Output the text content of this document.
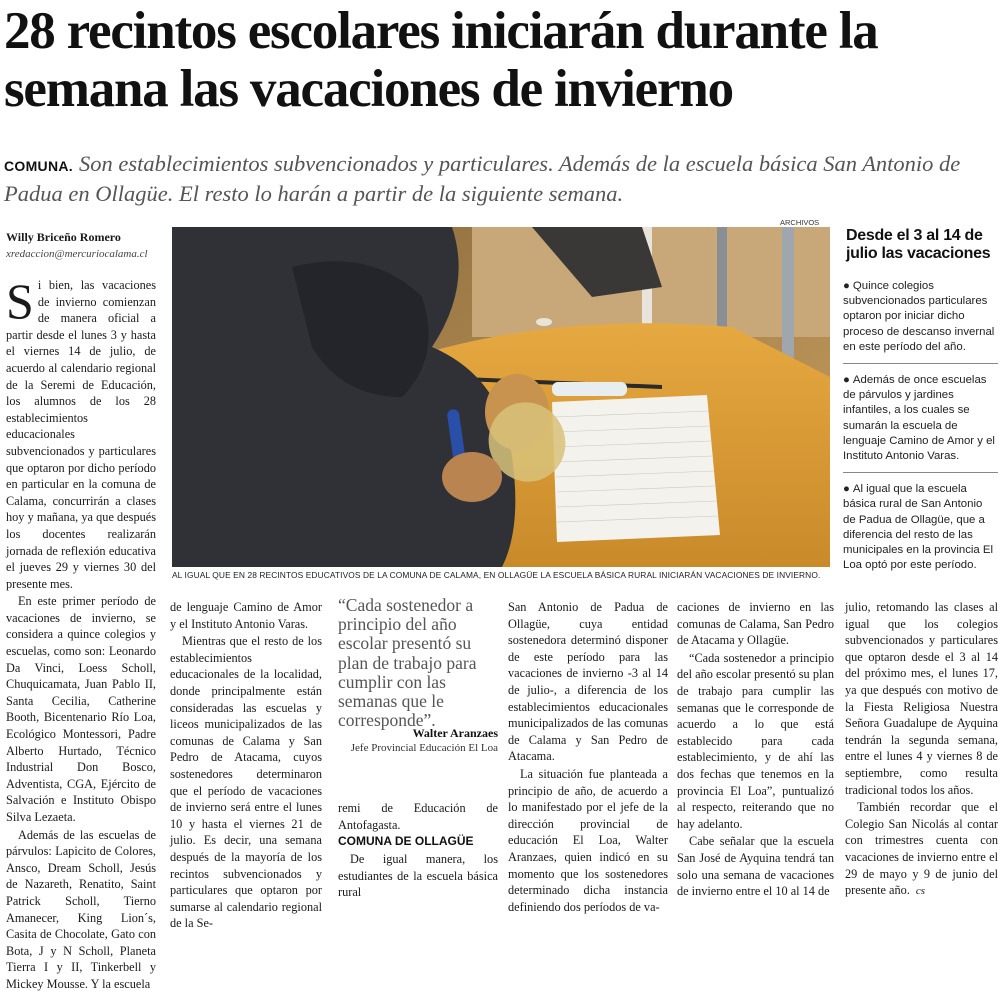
28 recintos escolares iniciarán durante la semana las vacaciones de invierno
COMUNA. Son establecimientos subvencionados y particulares. Además de la escuela básica San Antonio de Padua en Ollagüe. El resto lo harán a partir de la siguiente semana.
Willy Briceño Romero
xredaccion@mercuriocalama.cl

Si bien, las vacaciones de invierno comienzan de manera oficial a partir desde el lunes 3 y hasta el viernes 14 de julio, de acuerdo al calendario regional de la Seremi de Educación, los alumnos de los 28 establecimientos educacionales subvencionados y particulares que optaron por dicho período en particular en la comuna de Calama, concurrirán a clases hoy y mañana, ya que después los docentes realizarán jornada de reflexión educativa el jueves 29 y viernes 30 del presente mes.

En este primer período de vacaciones de invierno, se considera a quince colegios y escuelas, como son: Leonardo Da Vinci, Loess Scholl, Chuquicamata, Juan Pablo II, Santa Cecilia, Catherine Booth, Bicentenario Río Loa, Ecológico Montessori, Padre Alberto Hurtado, Técnico Industrial Don Bosco, Adventista, CGA, Ejército de Salvación e Instituto Obispo Silva Lezaeta.

Además de las escuelas de párvulos: Lapicito de Colores, Ansco, Dream Scholl, Jesús de Nazareth, Renatito, Saint Patrick Scholl, Tierno Amanecer, King Lion´s, Casita de Chocolate, Gato con Bota, J y N Scholl, Planeta Tierra I y II, Tinkerbell y Mickey Mousse. Y la escuela

ARCHIVOS
AL IGUAL QUE EN 28 RECINTOS EDUCATIVOS DE LA COMUNA DE CALAMA, EN OLLAGÜE LA ESCUELA BÁSICA RURAL INICIARÁN VACACIONES DE INVIERNO.
Desde el 3 al 14 de julio las vacaciones
● Quince colegios subvencionados particulares optaron por iniciar dicho proceso de descanso invernal en este período del año.
● Además de once escuelas de párvulos y jardines infantiles, a los cuales se sumarán la escuela de lenguaje Camino de Amor y el Instituto Antonio Varas.
● Al igual que la escuela básica rural de San Antonio de Padua de Ollagüe, que a diferencia del resto de las municipales en la provincia El Loa optó por este período.

de lenguaje Camino de Amor y el Instituto Antonio Varas.

Mientras que el resto de los establecimientos educacionales de la localidad, donde principalmente están consideradas las escuelas y liceos municipalizados de las comunas de Calama y San Pedro de Atacama, cuyos sostenedores determinaron que el período de vacaciones de invierno será entre el lunes 10 y hasta el viernes 21 de julio. Es decir, una semana después de la mayoría de los recintos subvencionados y particulares que optaron por sumarse al calendario regional de la Se-

“Cada sostenedor a principio del año escolar presentó su plan de trabajo para cumplir con las semanas que le corresponde”.
Walter Aranzaes
Jefe Provincial Educación El Loa

remi de Educación de Antofagasta.

COMUNA DE OLLAGÜE

De igual manera, los estudiantes de la escuela básica rural

San Antonio de Padua de Ollagüe, cuya entidad sostenedora determinó disponer de este período para las vacaciones de invierno -3 al 14 de julio-, a diferencia de los establecimientos educacionales municipalizados de las comunas de Calama y San Pedro de Atacama.

La situación fue planteada a principio de año, de acuerdo a lo manifestado por el jefe de la dirección provincial de educación El Loa, Walter Aranzaes, quien indicó en su momento que los sostenedores determinado dicha instancia definiendo dos períodos de va-

caciones de invierno en las comunas de Calama, San Pedro de Atacama y Ollagüe.

“Cada sostenedor a principio del año escolar presentó su plan de trabajo para cumplir las semanas que le corresponde de acuerdo a lo que está establecido para cada establecimiento, y de ahí las dos fechas que tenemos en la provincia El Loa”, puntualizó al respecto, reiterando que no hay adelanto.

Cabe señalar que la escuela San José de Ayquina tendrá tan solo una semana de vacaciones de invierno entre el 10 al 14 de

julio, retomando las clases al igual que los colegios subvencionados y particulares que optaron desde el 3 al 14 del próximo mes, el lunes 17, ya que después con motivo de la Fiesta Religiosa Nuestra Señora Guadalupe de Ayquina tendrán la segunda semana, entre el lunes 4 y viernes 8 de septiembre, como resulta tradicional todos los años.

También recordar que el Colegio San Nicolás al contar con trimestres cuenta con vacaciones de invierno entre el 29 de mayo y 9 de junio del presente año. cs
